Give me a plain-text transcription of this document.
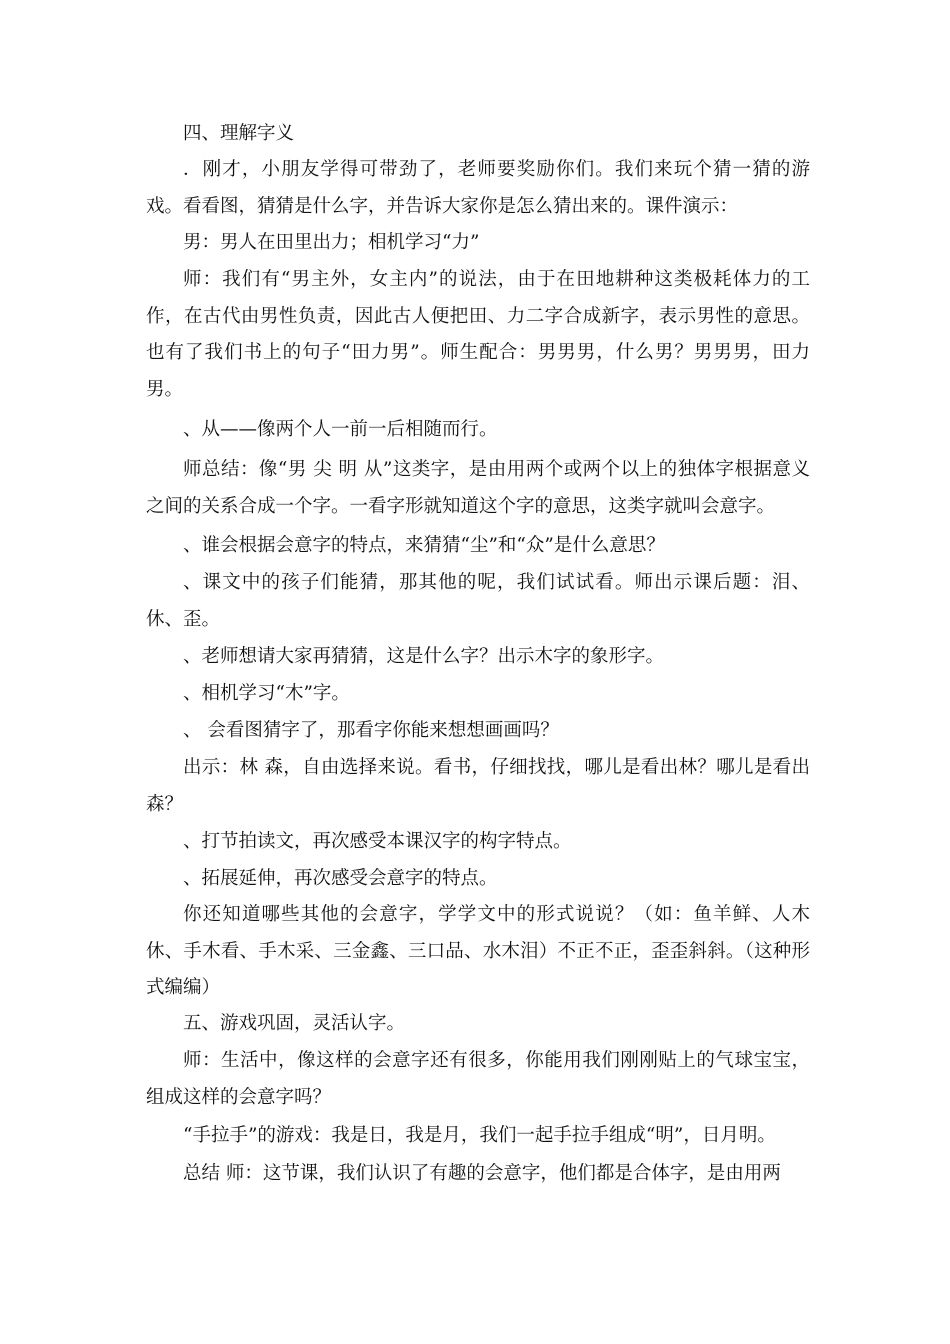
四、理解字义

．刚才，小朋友学得可带劲了，老师要奖励你们。我们来玩个猜一猜的游戏。看看图，猜猜是什么字，并告诉大家你是怎么猜出来的。课件演示：

男：男人在田里出力；相机学习“力”

师：我们有“男主外，女主内”的说法，由于在田地耕种这类极耗体力的工作，在古代由男性负责，因此古人便把田、力二字合成新字，表示男性的意思。也有了我们书上的句子“田力男”。师生配合：男男男，什么男？男男男，田力男。

、从——像两个人一前一后相随而行。

师总结：像“男 尖 明 从”这类字，是由用两个或两个以上的独体字根据意义之间的关系合成一个字。一看字形就知道这个字的意思，这类字就叫会意字。

、谁会根据会意字的特点，来猜猜“尘”和“众”是什么意思？

、课文中的孩子们能猜，那其他的呢，我们试试看。师出示课后题：泪、休、歪。

、老师想请大家再猜猜，这是什么字？出示木字的象形字。

、相机学习“木”字。

、 会看图猜字了，那看字你能来想想画画吗？

出示：林 森，自由选择来说。看书，仔细找找，哪儿是看出林？哪儿是看出森？

、打节拍读文，再次感受本课汉字的构字特点。

、拓展延伸，再次感受会意字的特点。

你还知道哪些其他的会意字，学学文中的形式说说？（如：鱼羊鲜、人木休、手木看、手木采、三金鑫、三口品、水木泪）不正不正，歪歪斜斜。（这种形式编编）

五、游戏巩固，灵活认字。

师：生活中，像这样的会意字还有很多，你能用我们刚刚贴上的气球宝宝，组成这样的会意字吗？

“手拉手”的游戏：我是日，我是月，我们一起手拉手组成“明”，日月明。

总结 师：这节课，我们认识了有趣的会意字，他们都是合体字，是由用两
